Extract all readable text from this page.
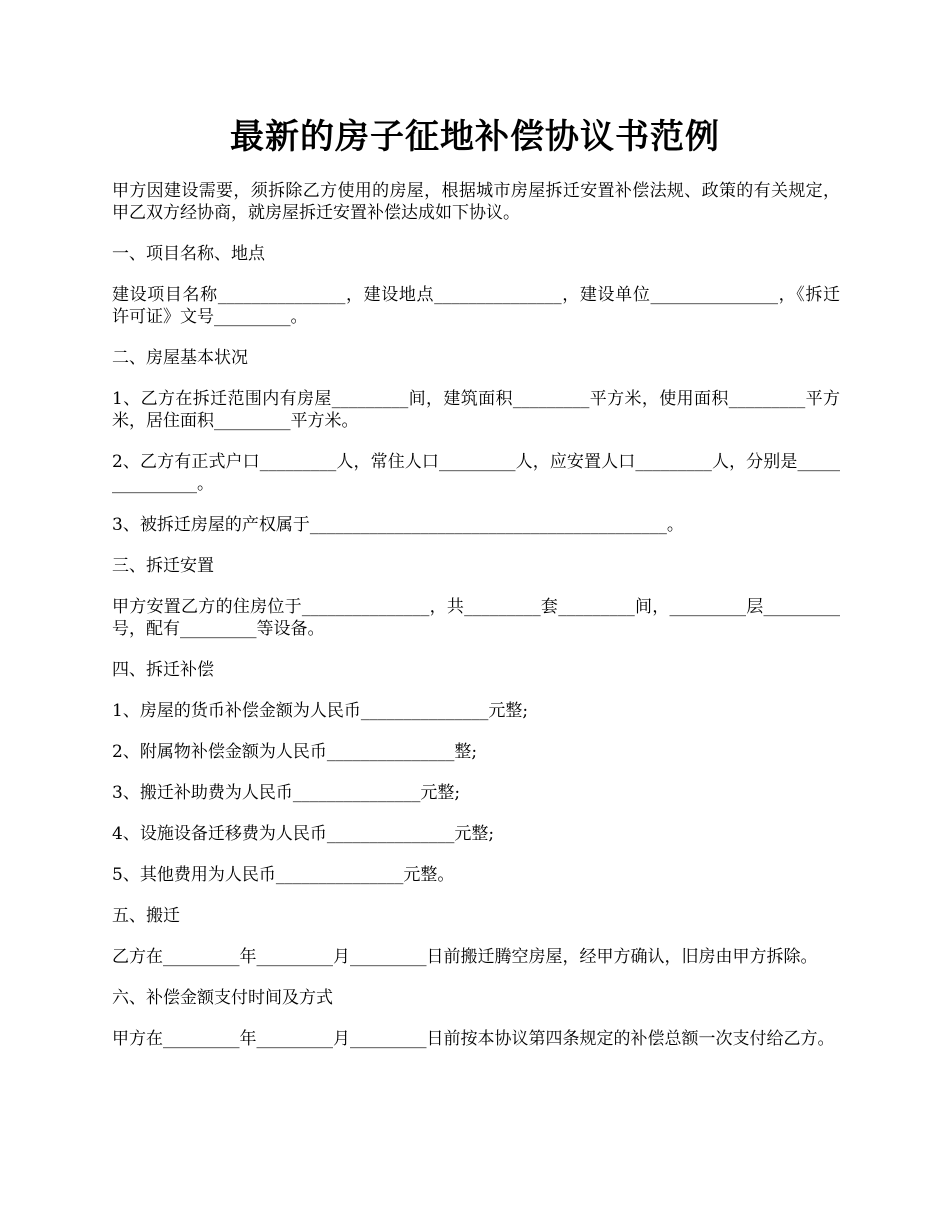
最新的房子征地补偿协议书范例

甲方因建设需要，须拆除乙方使用的房屋，根据城市房屋拆迁安置补偿法规、政策的有关规定，甲乙双方经协商，就房屋拆迁安置补偿达成如下协议。

一、项目名称、地点

建设项目名称_______________，建设地点_______________，建设单位_______________，《拆迁许可证》文号_________。

二、房屋基本状况

1、乙方在拆迁范围内有房屋_________间，建筑面积_________平方米，使用面积_________平方米，居住面积_________平方米。

2、乙方有正式户口_________人，常住人口_________人，应安置人口_________人，分别是_______________。

3、被拆迁房屋的产权属于__________________________________________。

三、拆迁安置

甲方安置乙方的住房位于_______________，共_________套_________间，_________层_________号，配有_________等设备。

四、拆迁补偿

1、房屋的货币补偿金额为人民币_______________元整;

2、附属物补偿金额为人民币_______________整;

3、搬迁补助费为人民币_______________元整;

4、设施设备迁移费为人民币_______________元整;

5、其他费用为人民币_______________元整。

五、搬迁

乙方在_________年_________月_________日前搬迁腾空房屋，经甲方确认，旧房由甲方拆除。

六、补偿金额支付时间及方式

甲方在_________年_________月_________日前按本协议第四条规定的补偿总额一次支付给乙方。
